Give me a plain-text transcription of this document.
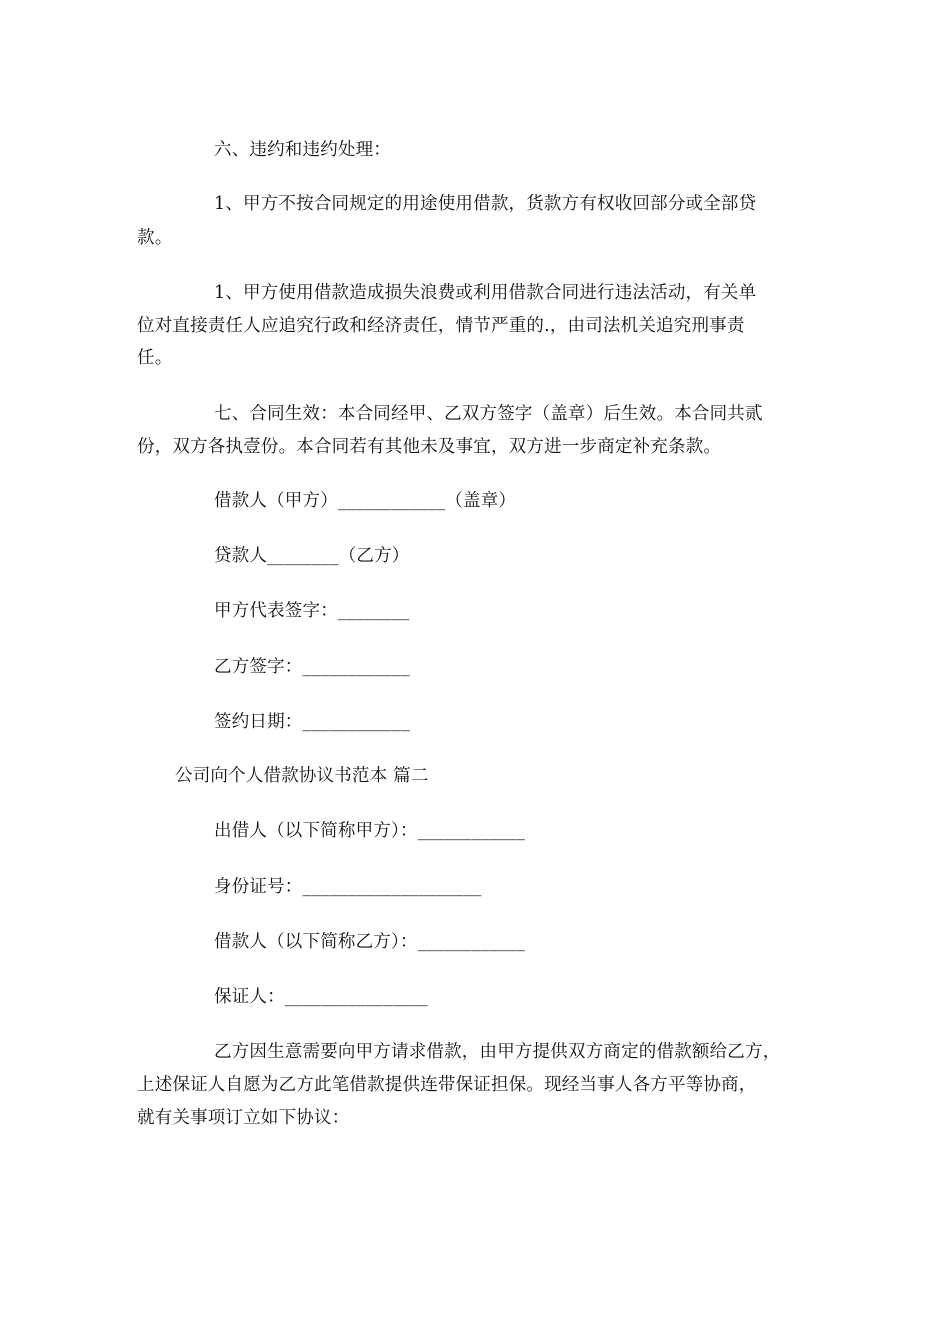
六、违约和违约处理：
1、甲方不按合同规定的用途使用借款，货款方有权收回部分或全部贷
款。
1、甲方使用借款造成损失浪费或利用借款合同进行违法活动，有关单
位对直接责任人应追究行政和经济责任，情节严重的.，由司法机关追究刑事责
任。
七、合同生效：本合同经甲、乙双方签字（盖章）后生效。本合同共贰
份，双方各执壹份。本合同若有其他未及事宜，双方进一步商定补充条款。
借款人（甲方）____________（盖章）
贷款人________（乙方）
甲方代表签字：________
乙方签字：____________
签约日期：____________
公司向个人借款协议书范本 篇二
出借人（以下简称甲方）：____________
身份证号：____________________
借款人（以下简称乙方）：____________
保证人：________________
乙方因生意需要向甲方请求借款，由甲方提供双方商定的借款额给乙方，
上述保证人自愿为乙方此笔借款提供连带保证担保。现经当事人各方平等协商，
就有关事项订立如下协议：
